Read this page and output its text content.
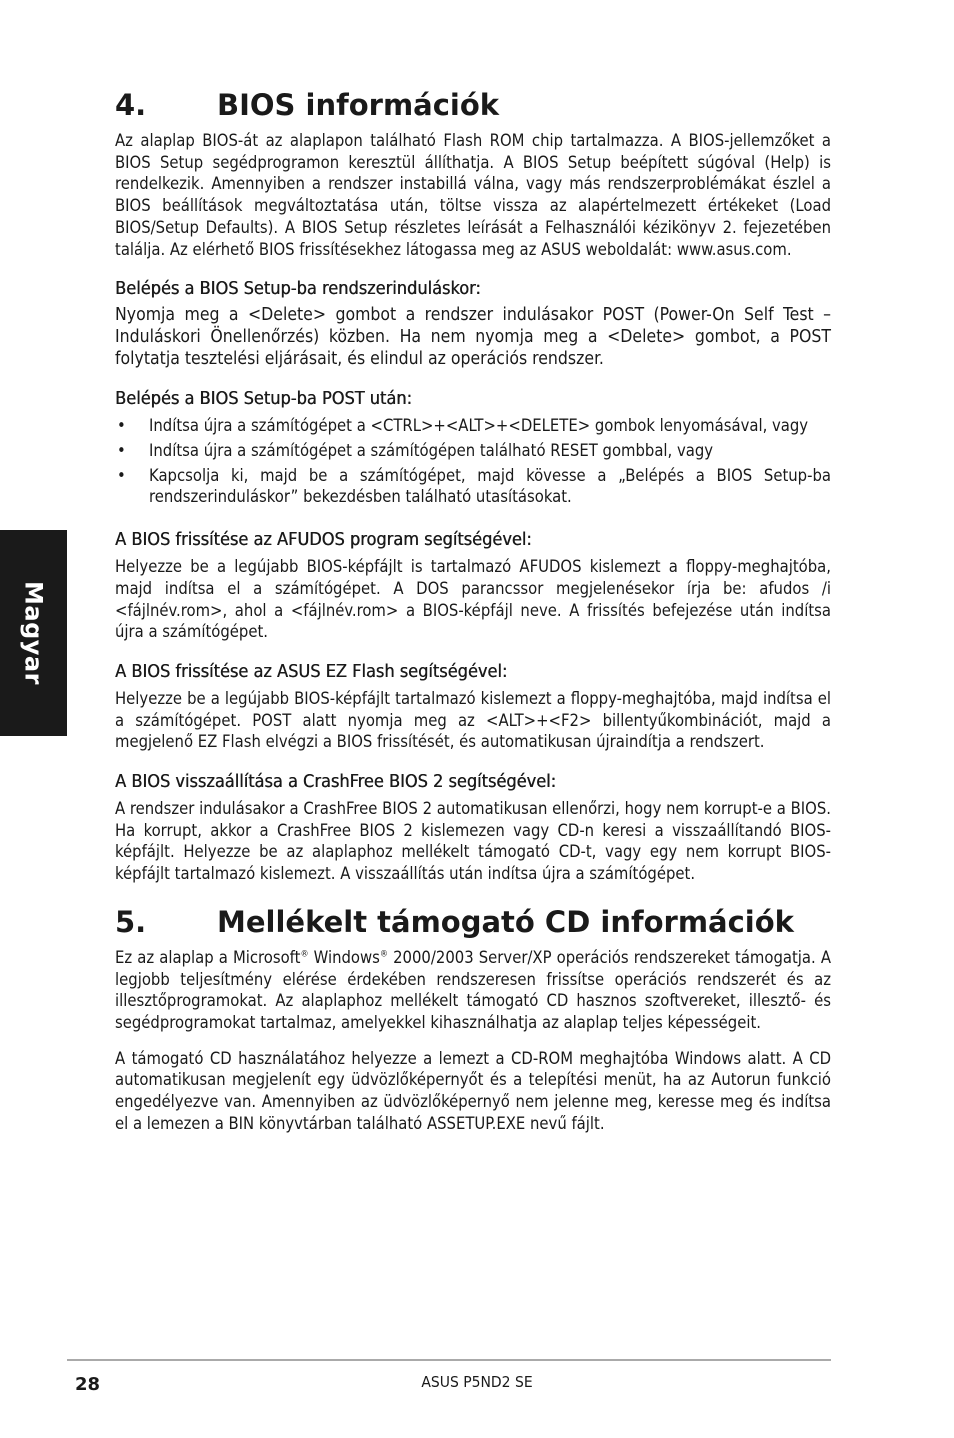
Magyar
4.	BIOS információk

Az alaplap BIOS-át az alaplapon található Flash ROM chip tartalmazza. A BIOS-jellemzőket a BIOS Setup segédprogramon keresztül állíthatja. A BIOS Setup beépített súgóval (Help) is rendelkezik. Amennyiben a rendszer instabillá válna, vagy más rendszerproblémákat észlel a BIOS beállítások megváltoztatása után, töltse vissza az alapértelmezett értékeket (Load BIOS/Setup Defaults). A BIOS Setup részletes leírását a Felhasználói kézikönyv 2. fejezetében találja. Az elérhető BIOS frissítésekhez látogassa meg az ASUS weboldalát: www.asus.com.

Belépés a BIOS Setup-ba rendszerinduláskor:

Nyomja meg a <Delete> gombot a rendszer indulásakor POST (Power-On Self Test – Induláskori Önellenőrzés) közben. Ha nem nyomja meg a <Delete> gombot, a POST folytatja tesztelési eljárásait, és elindul az operációs rendszer.

Belépés a BIOS Setup-ba POST után:
• Indítsa újra a számítógépet a <CTRL>+<ALT>+<DELETE> gombok lenyomásával, vagy
• Indítsa újra a számítógépet a számítógépen található RESET gombbal, vagy
• Kapcsolja ki, majd be a számítógépet, majd kövesse a „Belépés a BIOS Setup-ba rendszerinduláskor” bekezdésben található utasításokat.
A BIOS frissítése az AFUDOS program segítségével:

Helyezze be a legújabb BIOS-képfájlt is tartalmazó AFUDOS kislemezt a floppy-meghajtóba, majd indítsa el a számítógépet. A DOS parancssor megjelenésekor írja be: afudos /i <fájlnév.rom>, ahol a <fájlnév.rom> a BIOS-képfájl neve. A frissítés befejezése után indítsa újra a számítógépet.

A BIOS frissítése az ASUS EZ Flash segítségével:

Helyezze be a legújabb BIOS-képfájlt tartalmazó kislemezt a floppy-meghajtóba, majd indítsa el a számítógépet. POST alatt nyomja meg az <ALT>+<F2> billentyűkombinációt, majd a megjelenő EZ Flash elvégzi a BIOS frissítését, és automatikusan újraindítja a rendszert.

A BIOS visszaállítása a CrashFree BIOS 2 segítségével:

A rendszer indulásakor a CrashFree BIOS 2 automatikusan ellenőrzi, hogy nem korrupt-e a BIOS. Ha korrupt, akkor a CrashFree BIOS 2 kislemezen vagy CD-n keresi a visszaállítandó BIOS-képfájlt. Helyezze be az alaplaphoz mellékelt támogató CD-t, vagy egy nem korrupt BIOS-képfájlt tartalmazó kislemezt. A visszaállítás után indítsa újra a számítógépet.

5.	Mellékelt támogató CD információk

Ez az alaplap a Microsoft® Windows® 2000/2003 Server/XP operációs rendszereket támogatja. A legjobb teljesítmény elérése érdekében rendszeresen frissítse operációs rendszerét és az illesztőprogramokat. Az alaplaphoz mellékelt támogató CD hasznos szoftvereket, illesztő- és segédprogramokat tartalmaz, amelyekkel kihasználhatja az alaplap teljes képességeit.

A támogató CD használatához helyezze a lemezt a CD-ROM meghajtóba Windows alatt. A CD automatikusan megjelenít egy üdvözlőképernyőt és a telepítési menüt, ha az Autorun funkció engedélyezve van. Amennyiben az üdvözlőképernyő nem jelenne meg, keresse meg és indítsa el a lemezen a BIN könyvtárban található ASSETUP.EXE nevű fájlt.

28	ASUS P5ND2 SE
